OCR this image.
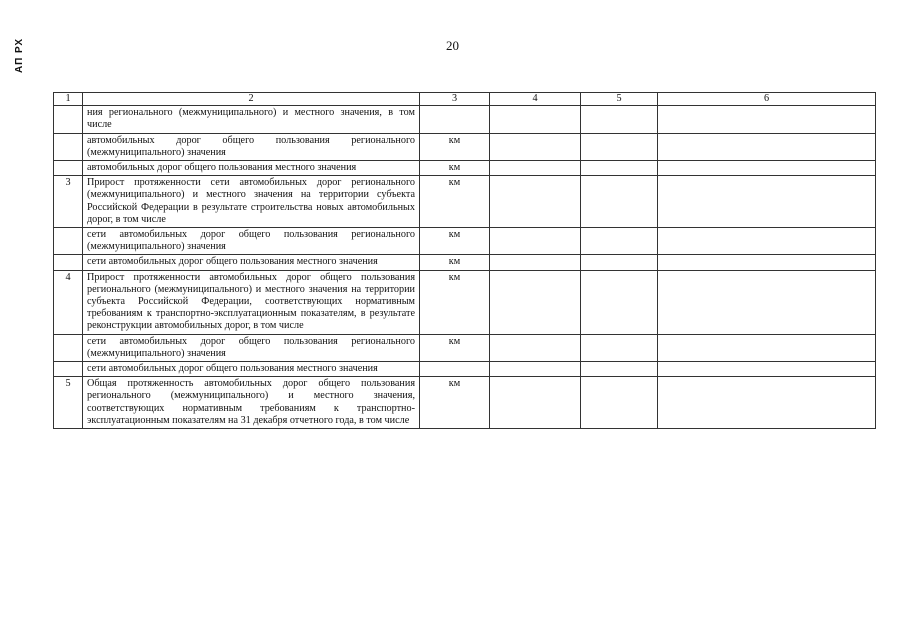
АП РХ	20
1	2	3	4	5	6
	ния регионального (межмуниципального) и местного значения, в том числе				
	автомобильных дорог общего пользования регионального (межмуниципального) значения	км			
	автомобильных дорог общего пользования местного значения	км			
3	Прирост протяженности сети автомобильных дорог регионального (межмуниципального) и местного значения на территории субъекта Российской Федерации в результате строительства новых автомобильных дорог, в том числе	км			
	сети автомобильных дорог общего пользования регионального (межмуниципального) значения	км			
	сети автомобильных дорог общего пользования местного значения	км			
4	Прирост протяженности автомобильных дорог общего пользования регионального (межмуниципального) и местного значения на территории субъекта Российской Федерации, соответствующих нормативным требованиям к транспортно-эксплуатационным показателям, в результате реконструкции автомобильных дорог, в том числе	км			
	сети автомобильных дорог общего пользования регионального (межмуниципального) значения	км			
	сети автомобильных дорог общего пользования местного значения				
5	Общая протяженность автомобильных дорог общего пользования регионального (межмуниципального) и местного значения, соответствующих нормативным требованиям к транспортно-эксплуатационным показателям на 31 декабря отчетного года, в том числе	км			
